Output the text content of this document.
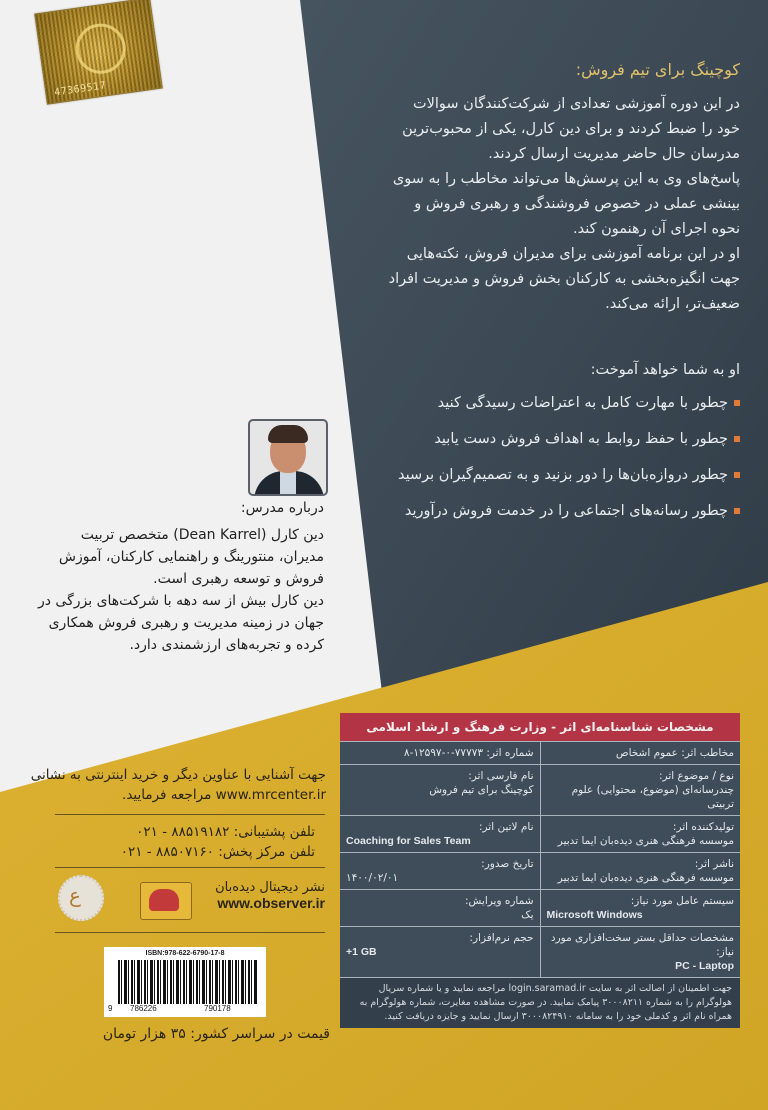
47369517
کوچینگ برای تیم فروش:

در این دوره آموزشی تعدادی از شرکت‌کنندگان سوالات خود را ضبط کردند و برای دین کارل، یکی از محبوب‌ترین مدرسان حال حاضر مدیریت ارسال کردند.

پاسخ‌های وی به این پرسش‌ها می‌تواند مخاطب را به سوی بینشی عملی در خصوص فروشندگی و رهبری فروش و نحوه اجرای آن رهنمون کند.

او در این برنامه آموزشی برای مدیران فروش، نکته‌هایی جهت انگیزه‌بخشی به کارکنان بخش فروش و مدیریت افراد ضعیف‌تر، ارائه می‌کند.

او به شما خواهد آموخت:
چطور با مهارت کامل به اعتراضات رسیدگی کنید
چطور با حفظ روابط به اهداف فروش دست یابید
چطور دروازه‌بان‌ها را دور بزنید و به تصمیم‌گیران برسید
چطور رسانه‌های اجتماعی را در خدمت فروش درآورید
درباره مدرس:

دین کارل (Dean Karrel) متخصص تربیت مدیران، منتورینگ و راهنمایی کارکنان، آموزش فروش و توسعه رهبری است.

دین کارل بیش از سه دهه با شرکت‌های بزرگی در جهان در زمینه مدیریت و رهبری فروش همکاری کرده و تجربه‌های ارزشمندی دارد.

جهت آشنایی با عناوین دیگر و خرید اینترنتی به نشانی www.mrcenter.ir مراجعه فرمایید.
تلفن پشتیبانی: ۸۸۵۱۹۱۸۲ - ۰۲۱
تلفن مرکز پخش: ۸۸۵۰۷۱۶۰ - ۰۲۱
ع	نشر دیجیتال دیده‌بان
www.observer.ir
ISBN:978-622-6790-17-8
9 786226	790178
قیمت در سراسر کشور: ۳۵ هزار تومان
مشخصات شناسنامه‌ای اثر - وزارت فرهنگ و ارشاد اسلامی
مخاطب اثر: عموم اشخاص
شماره اثر: ۷۷۷۷۳-۰-۱۲۵۹۷-۸
نوع / موضوع اثر:
چندرسانه‌ای (موضوع، محتوایی) علوم تربیتی
نام فارسی اثر:
کوچینگ برای تیم فروش
تولیدکننده اثر:
موسسه فرهنگی هنری دیده‌بان ایما تدبیر
نام لاتین اثر:
Coaching for Sales Team
ناشر اثر:
موسسه فرهنگی هنری دیده‌بان ایما تدبیر
تاریخ صدور:
۱۴۰۰/۰۲/۰۱
سیستم عامل مورد نیاز:
Microsoft Windows
شماره ویرایش:
یک
مشخصات حداقل بستر سخت‌افزاری مورد نیاز:
PC - Laptop
حجم نرم‌افزار:
+1 GB
جهت اطمینان از اصالت اثر به سایت login.saramad.ir مراجعه نمایید و یا شماره سریال هولوگرام را به شماره ۳۰۰۰۸۲۱۱ پیامک نمایید. در صورت مشاهده مغایرت، شماره هولوگرام به همراه نام اثر و کدملی خود را به سامانه ۳۰۰۰۸۲۴۹۱۰ ارسال نمایید و جایزه دریافت کنید.
